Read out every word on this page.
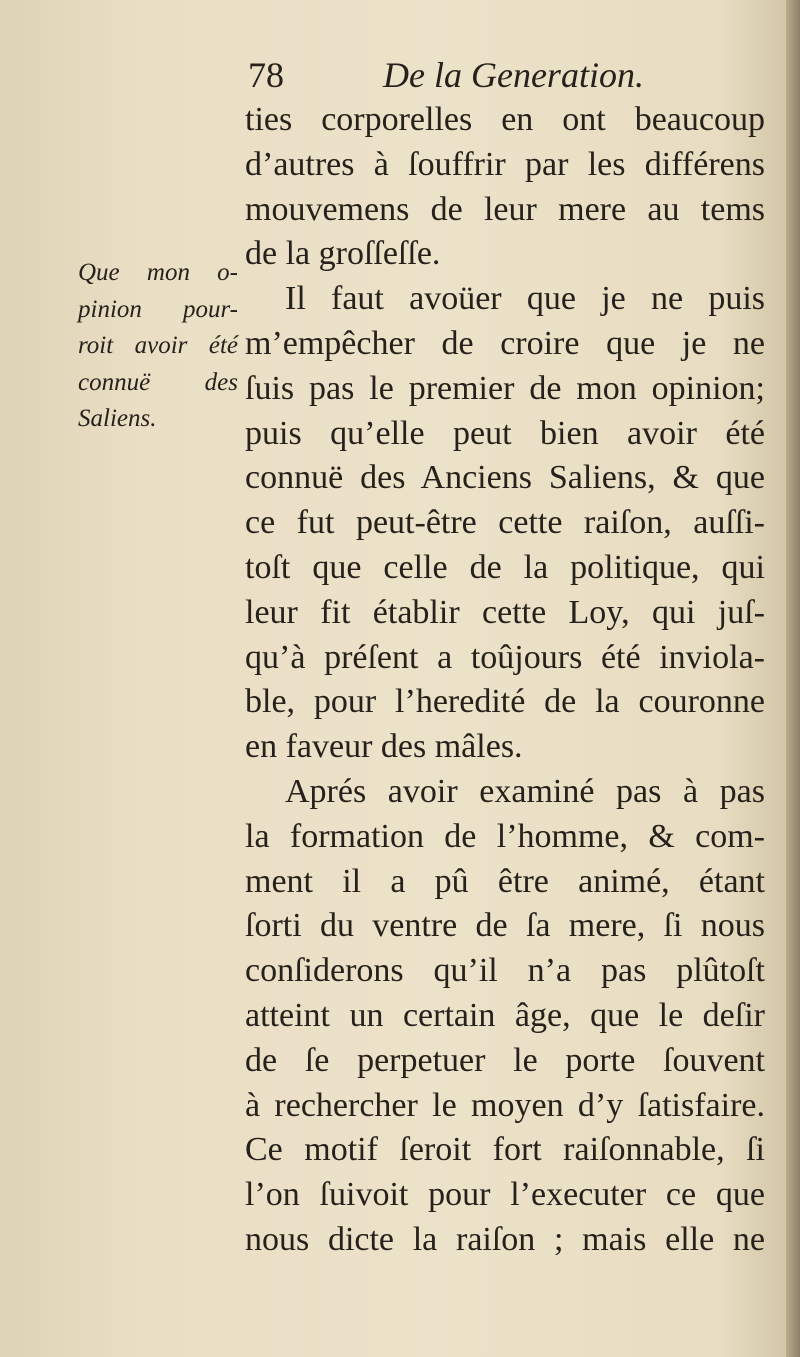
78	De la Generation.
Que mon o-
pinion pour-
roit avoir été
connuë des
Saliens.
ties corporelles en ont beaucoup
d’autres à ſouffrir par les différens
mouvemens de leur mere au tems
de la groſſeſſe.
Il faut avoüer que je ne puis
m’empêcher de croire que je ne
ſuis pas le premier de mon opinion;
puis qu’elle peut bien avoir été
connuë des Anciens Saliens, & que
ce fut peut-être cette raiſon, auſſi-
toſt que celle de la politique, qui
leur fit établir cette Loy, qui juſ-
qu’à préſent a toûjours été inviola-
ble, pour l’heredité de la couronne
en faveur des mâles.
Aprés avoir examiné pas à pas
la formation de l’homme, & com-
ment il a pû être animé, étant
ſorti du ventre de ſa mere, ſi nous
conſiderons qu’il n’a pas plûtoſt
atteint un certain âge, que le deſir
de ſe perpetuer le porte ſouvent
à rechercher le moyen d’y ſatisfaire.
Ce motif ſeroit fort raiſonnable, ſi
l’on ſuivoit pour l’executer ce que
nous dicte la raiſon ; mais elle ne
